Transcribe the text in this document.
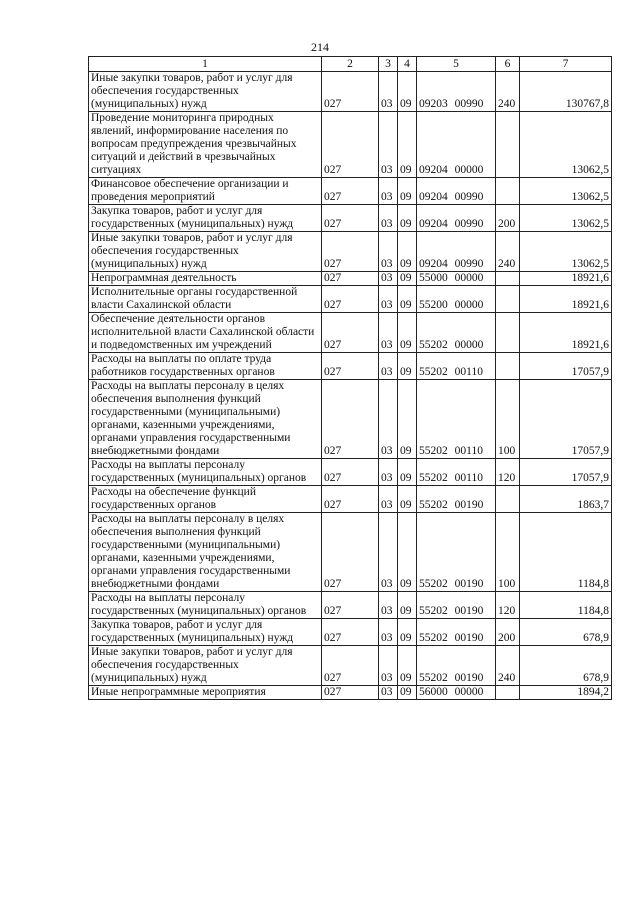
214
1	2	3	4	5	6	7
Иные закупки товаров, работ и услуг для обеспечения государственных (муниципальных) нужд	027	03	09	09203 00990	240	130767,8
Проведение мониторинга природных явлений, информирование населения по вопросам предупреждения чрезвычайных ситуаций и действий в чрезвычайных ситуациях	027	03	09	09204 00000		13062,5
Финансовое обеспечение организации и проведения мероприятий	027	03	09	09204 00990		13062,5
Закупка товаров, работ и услуг для государственных (муниципальных) нужд	027	03	09	09204 00990	200	13062,5
Иные закупки товаров, работ и услуг для обеспечения государственных (муниципальных) нужд	027	03	09	09204 00990	240	13062,5
Непрограммная деятельность	027	03	09	55000 00000		18921,6
Исполнительные органы государственной власти Сахалинской области	027	03	09	55200 00000		18921,6
Обеспечение деятельности органов исполнительной власти Сахалинской области и подведомственных им учреждений	027	03	09	55202 00000		18921,6
Расходы на выплаты по оплате труда работников государственных органов	027	03	09	55202 00110		17057,9
Расходы на выплаты персоналу в целях обеспечения выполнения функций государственными (муниципальными) органами, казенными учреждениями, органами управления государственными внебюджетными фондами	027	03	09	55202 00110	100	17057,9
Расходы на выплаты персоналу государственных (муниципальных) органов	027	03	09	55202 00110	120	17057,9
Расходы на обеспечение функций государственных органов	027	03	09	55202 00190		1863,7
Расходы на выплаты персоналу в целях обеспечения выполнения функций государственными (муниципальными) органами, казенными учреждениями, органами управления государственными внебюджетными фондами	027	03	09	55202 00190	100	1184,8
Расходы на выплаты персоналу государственных (муниципальных) органов	027	03	09	55202 00190	120	1184,8
Закупка товаров, работ и услуг для государственных (муниципальных) нужд	027	03	09	55202 00190	200	678,9
Иные закупки товаров, работ и услуг для обеспечения государственных (муниципальных) нужд	027	03	09	55202 00190	240	678,9
Иные непрограммные мероприятия	027	03	09	56000 00000		1894,2
